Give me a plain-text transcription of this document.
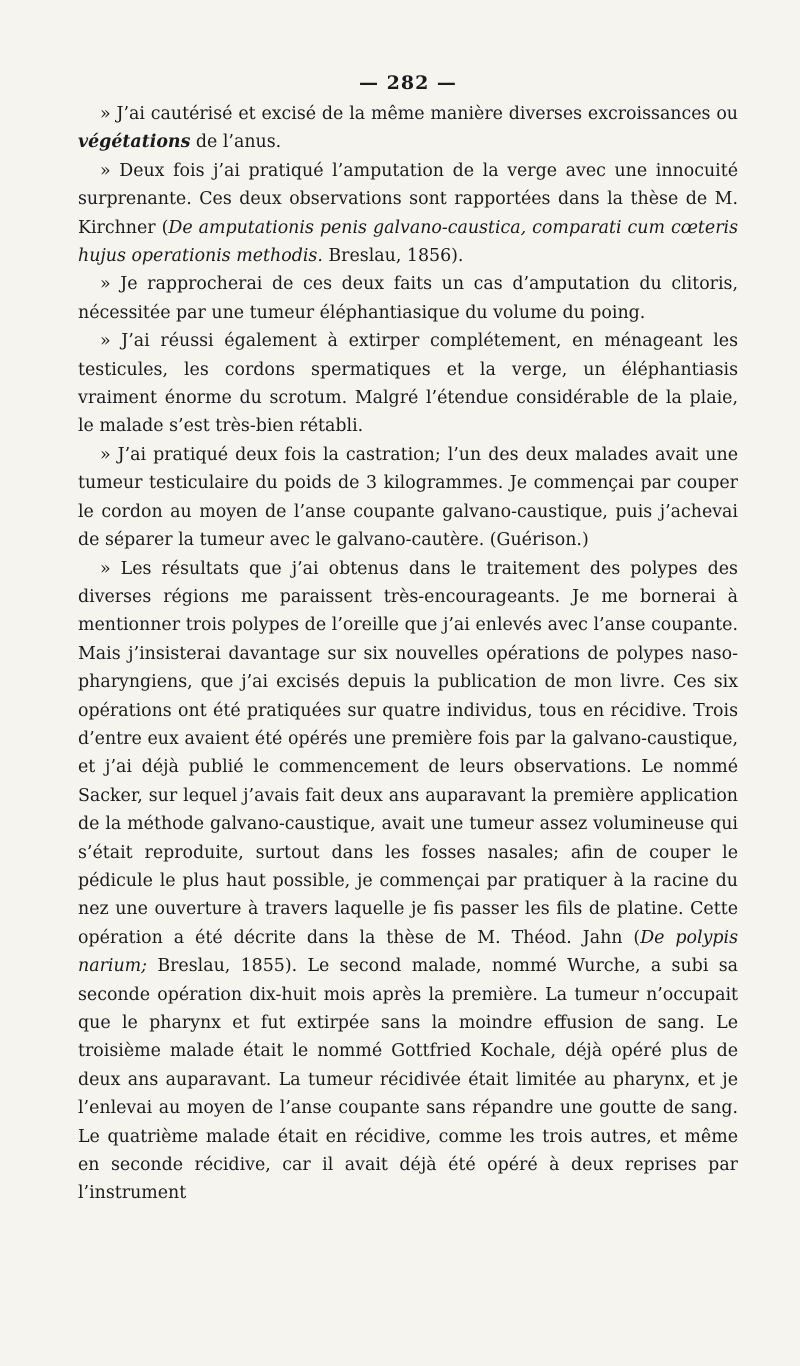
— 282 —

» J’ai cautérisé et excisé de la même manière diverses excroissances ou végétations de l’anus.

» Deux fois j’ai pratiqué l’amputation de la verge avec une innocuité surprenante. Ces deux observations sont rapportées dans la thèse de M. Kirchner (De amputationis penis galvano-caustica, comparati cum cœteris hujus operationis methodis. Breslau, 1856).

» Je rapprocherai de ces deux faits un cas d’amputation du clitoris, nécessitée par une tumeur éléphantiasique du volume du poing.

» J’ai réussi également à extirper complétement, en ménageant les testicules, les cordons spermatiques et la verge, un éléphantiasis vraiment énorme du scrotum. Malgré l’étendue considérable de la plaie, le malade s’est très-bien rétabli.

» J’ai pratiqué deux fois la castration; l’un des deux malades avait une tumeur testiculaire du poids de 3 kilogrammes. Je commençai par couper le cordon au moyen de l’anse coupante galvano-caustique, puis j’achevai de séparer la tumeur avec le galvano-cautère. (Guérison.)

» Les résultats que j’ai obtenus dans le traitement des polypes des diverses régions me paraissent très-encourageants. Je me bornerai à mentionner trois polypes de l’oreille que j’ai enlevés avec l’anse coupante. Mais j’insisterai davantage sur six nouvelles opérations de polypes naso-pharyngiens, que j’ai excisés depuis la publication de mon livre. Ces six opérations ont été pratiquées sur quatre individus, tous en récidive. Trois d’entre eux avaient été opérés une première fois par la galvano-caustique, et j’ai déjà publié le commencement de leurs observations. Le nommé Sacker, sur lequel j’avais fait deux ans auparavant la première application de la méthode galvano-caustique, avait une tumeur assez volumineuse qui s’était reproduite, surtout dans les fosses nasales; afin de couper le pédicule le plus haut possible, je commençai par pratiquer à la racine du nez une ouverture à travers laquelle je fis passer les fils de platine. Cette opération a été décrite dans la thèse de M. Théod. Jahn (De polypis narium; Breslau, 1855). Le second malade, nommé Wurche, a subi sa seconde opération dix-huit mois après la première. La tumeur n’occupait que le pharynx et fut extirpée sans la moindre effusion de sang. Le troisième malade était le nommé Gottfried Kochale, déjà opéré plus de deux ans auparavant. La tumeur récidivée était limitée au pharynx, et je l’enlevai au moyen de l’anse coupante sans répandre une goutte de sang. Le quatrième malade était en récidive, comme les trois autres, et même en seconde récidive, car il avait déjà été opéré à deux reprises par l’instrument
